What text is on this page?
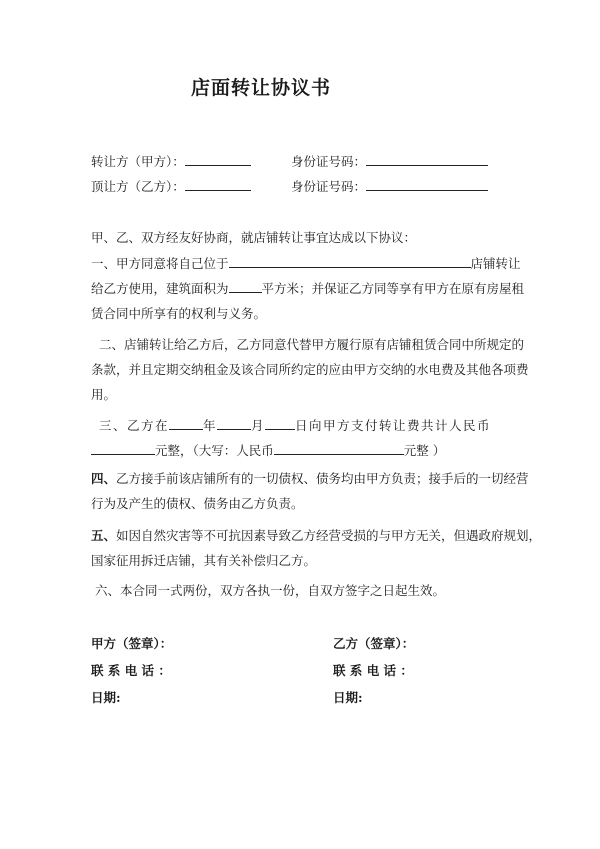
店面转让协议书
转让方（甲方）：	身份证号码：
顶让方（乙方）：	身份证号码：
甲、乙、双方经友好协商，就店铺转让事宜达成以下协议：
一、甲方同意将自己位于	店铺转让
给乙方使用，建筑面积为	平方米；并保证乙方同等享有甲方在原有房屋租
赁合同中所享有的权利与义务。
二、店铺转让给乙方后，乙方同意代替甲方履行原有店铺租赁合同中所规定的
条款，并且定期交纳租金及该合同所约定的应由甲方交纳的水电费及其他各项费
用。
三、乙方在	年	月 日向甲方支付转让费共计人民币
元整，（大写：人民币	元整 ）
四、乙方接手前该店铺所有的一切债权、债务均由甲方负责；接手后的一切经营
行为及产生的债权、债务由乙方负责。
五、如因自然灾害等不可抗因素导致乙方经营受损的与甲方无关，但遇政府规划，
国家征用拆迁店铺，其有关补偿归乙方。
六、本合同一式两份，双方各执一份，自双方签字之日起生效。
甲方（签章）：	乙方（签章）：
联 系 电 话 ：	联 系 电 话 ：
日期:	日期:
